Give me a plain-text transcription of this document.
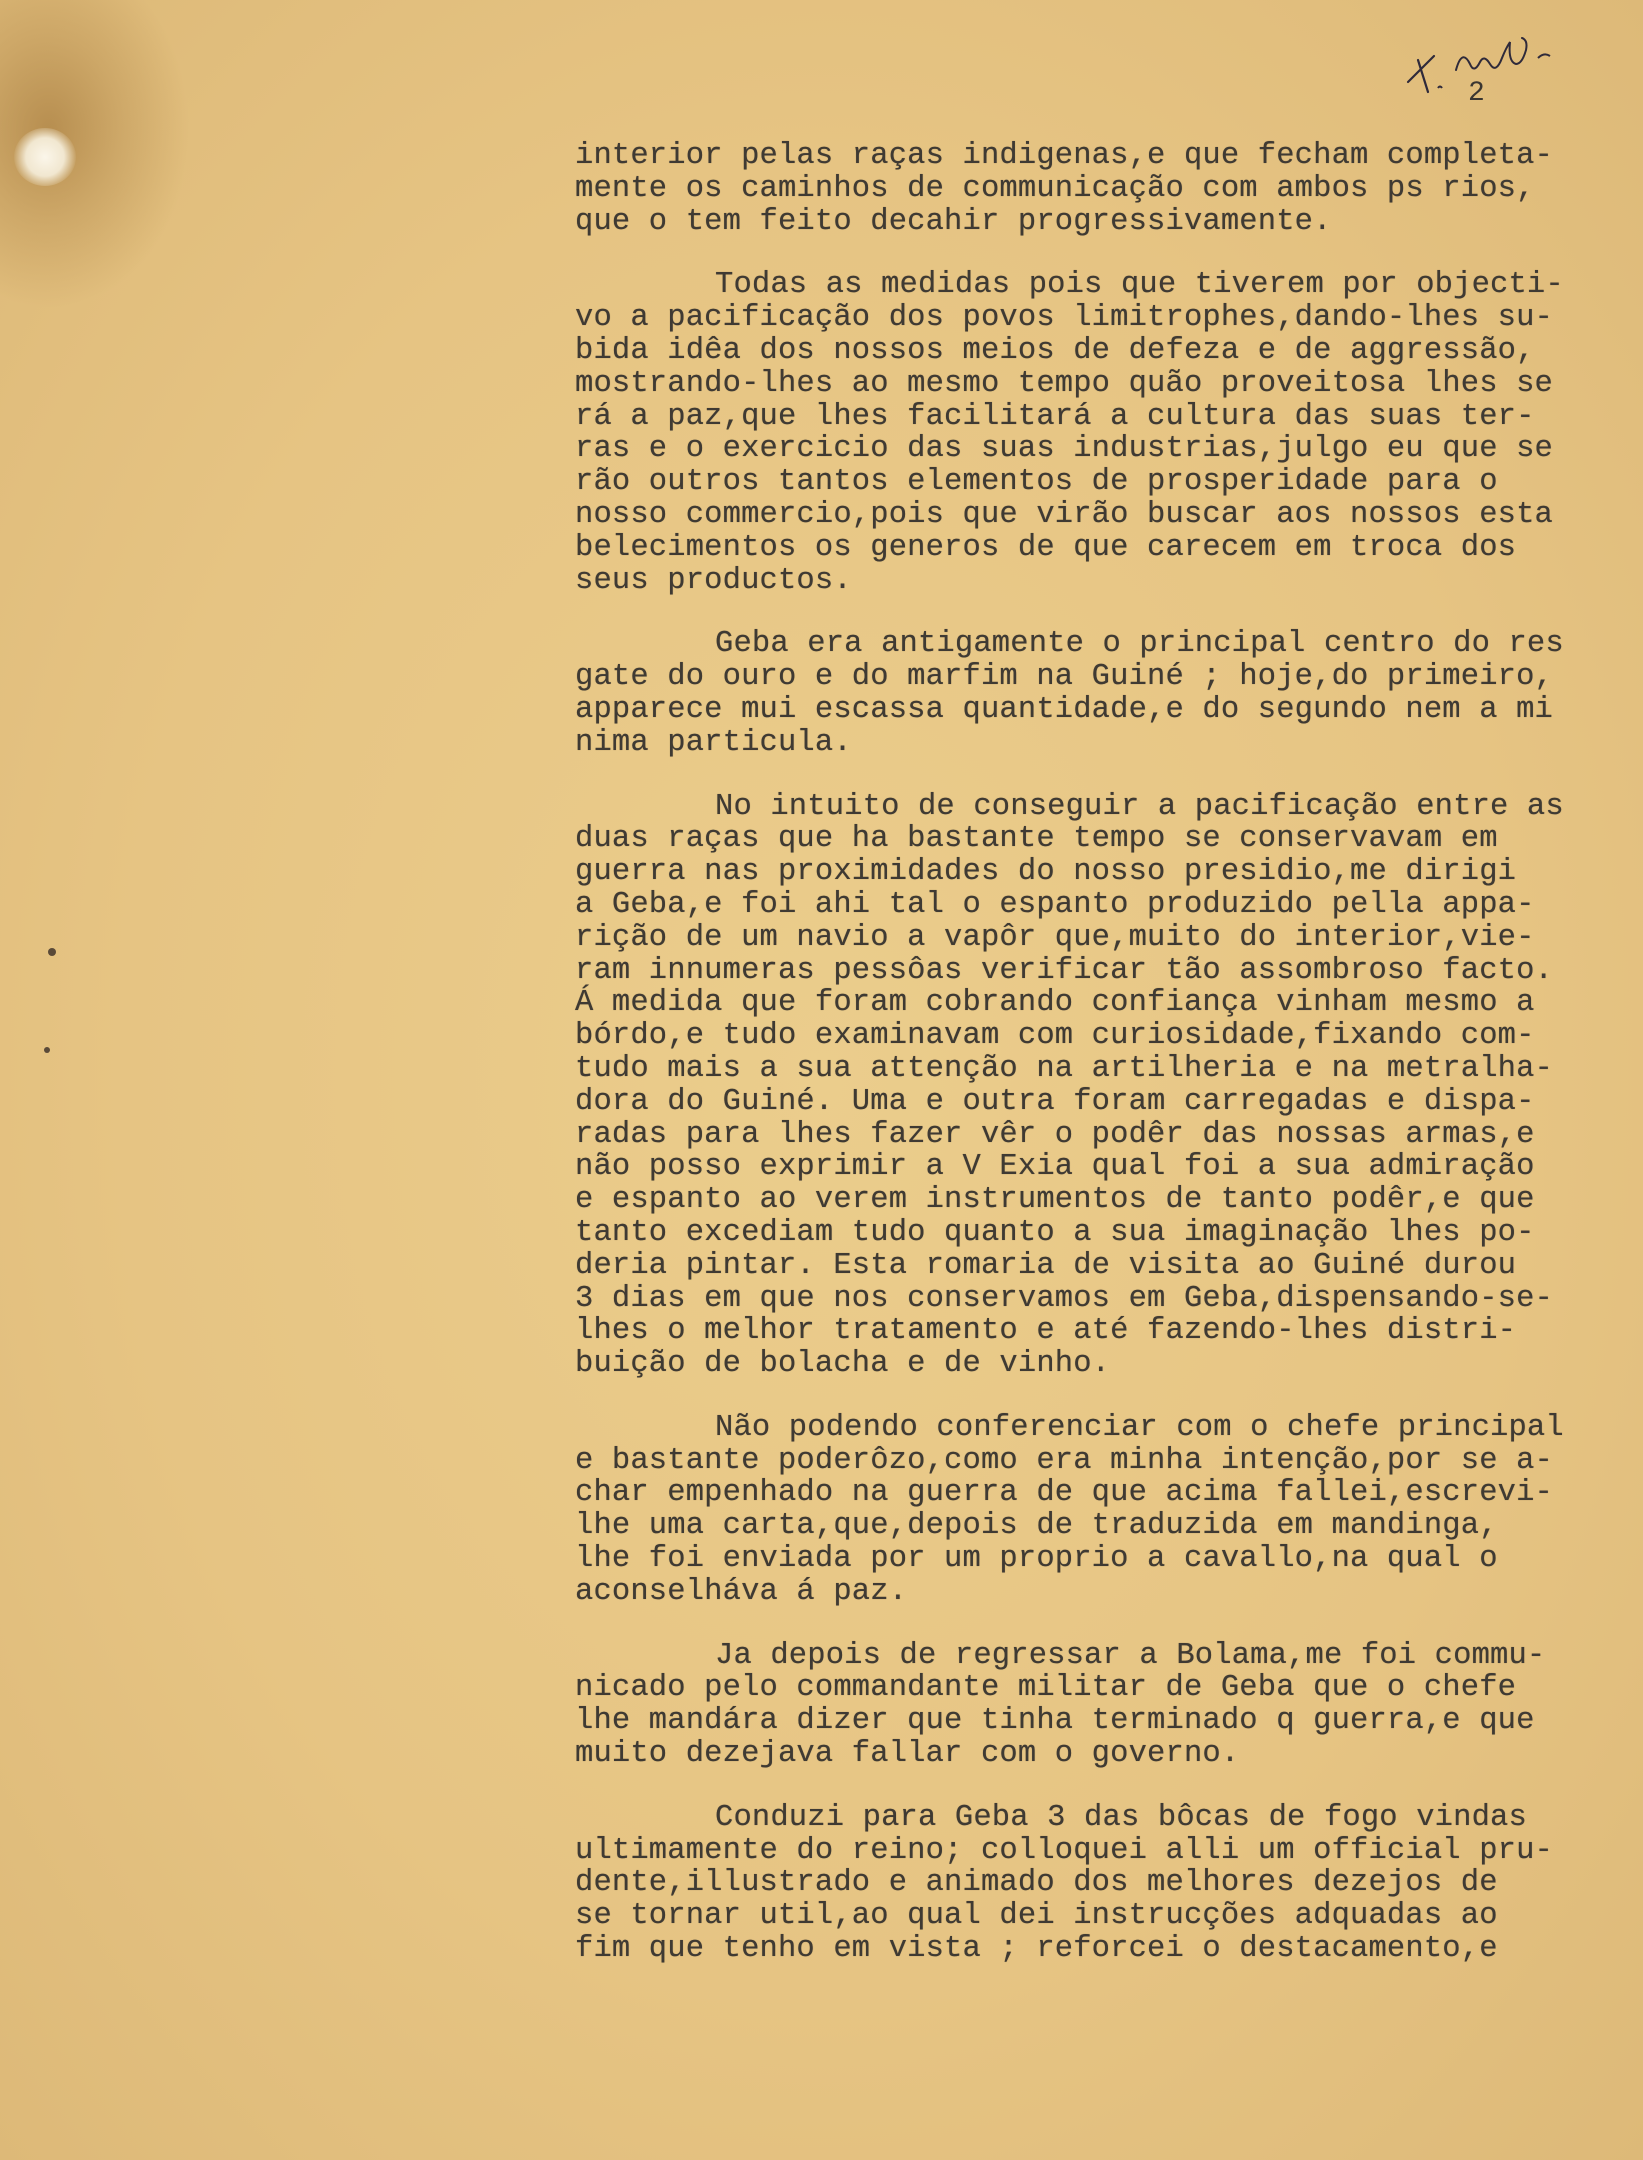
2
interior pelas raças indigenas,e que fecham completa-
mente os caminhos de communicação com ambos ps rios,
que o tem feito decahir progressivamente.
Todas as medidas pois que tiverem por objecti-
vo a pacificação dos povos limitrophes,dando-lhes su-
bida idêa dos nossos meios de defeza e de aggressão,
mostrando-lhes ao mesmo tempo quão proveitosa lhes se
rá a paz,que lhes facilitará a cultura das suas ter-
ras e o exercicio das suas industrias,julgo eu que se
rão outros tantos elementos de prosperidade para o
nosso commercio,pois que virão buscar aos nossos esta
belecimentos os generos de que carecem em troca dos
seus productos.
Geba era antigamente o principal centro do res
gate do ouro e do marfim na Guiné ; hoje,do primeiro,
apparece mui escassa quantidade,e do segundo nem a mi
nima particula.
No intuito de conseguir a pacificação entre as
duas raças que ha bastante tempo se conservavam em
guerra nas proximidades do nosso presidio,me dirigi
a Geba,e foi ahi tal o espanto produzido pella appa-
rição de um navio a vapôr que,muito do interior,vie-
ram innumeras pessôas verificar tão assombroso facto.
Á medida que foram cobrando confiança vinham mesmo a
bórdo,e tudo examinavam com curiosidade,fixando com-
tudo mais a sua attenção na artilheria e na metralha-
dora do Guiné. Uma e outra foram carregadas e dispa-
radas para lhes fazer vêr o podêr das nossas armas,e
não posso exprimir a V Exia qual foi a sua admiração
e espanto ao verem instrumentos de tanto podêr,e que
tanto excediam tudo quanto a sua imaginação lhes po-
deria pintar. Esta romaria de visita ao Guiné durou
3 dias em que nos conservamos em Geba,dispensando-se-
lhes o melhor tratamento e até fazendo-lhes distri-
buição de bolacha e de vinho.
Não podendo conferenciar com o chefe principal
e bastante poderôzo,como era minha intenção,por se a-
char empenhado na guerra de que acima fallei,escrevi-
lhe uma carta,que,depois de traduzida em mandinga,
lhe foi enviada por um proprio a cavallo,na qual o
aconselháva á paz.
Ja depois de regressar a Bolama,me foi commu-
nicado pelo commandante militar de Geba que o chefe
lhe mandára dizer que tinha terminado q guerra,e que
muito dezejava fallar com o governo.
Conduzi para Geba 3 das bôcas de fogo vindas
ultimamente do reino; colloquei alli um official pru-
dente,illustrado e animado dos melhores dezejos de
se tornar util,ao qual dei instrucções adquadas ao
fim que tenho em vista ; reforcei o destacamento,e
